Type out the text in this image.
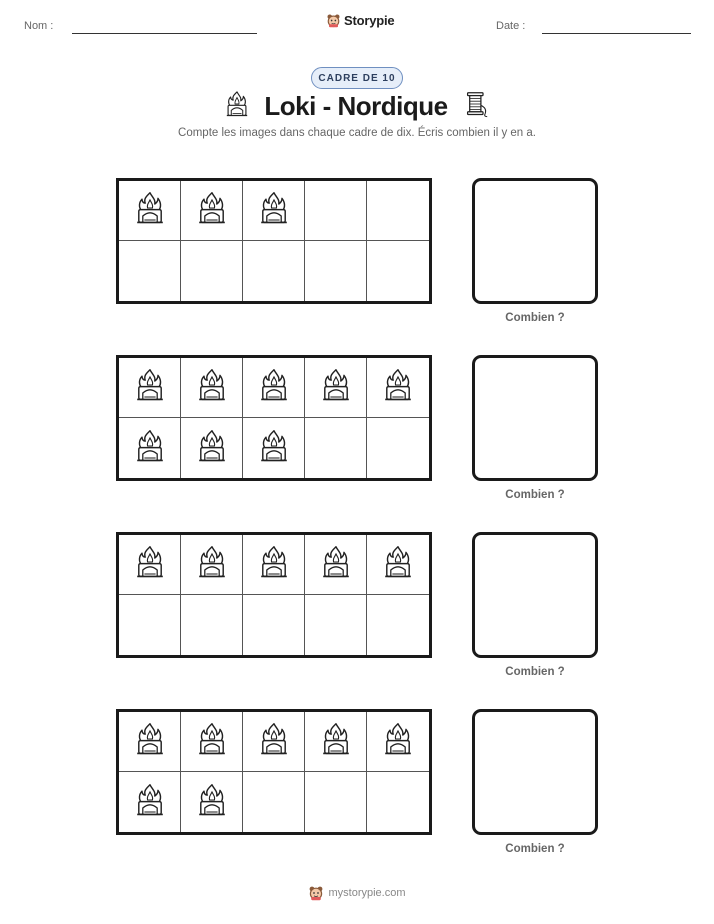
Nom :	Storypie	Date :
CADRE DE 10
Loki - Nordique
Compte les images dans chaque cadre de dix. Écris combien il y en a.
Combien ?
Combien ?
Combien ?
Combien ?
mystorypie.com
